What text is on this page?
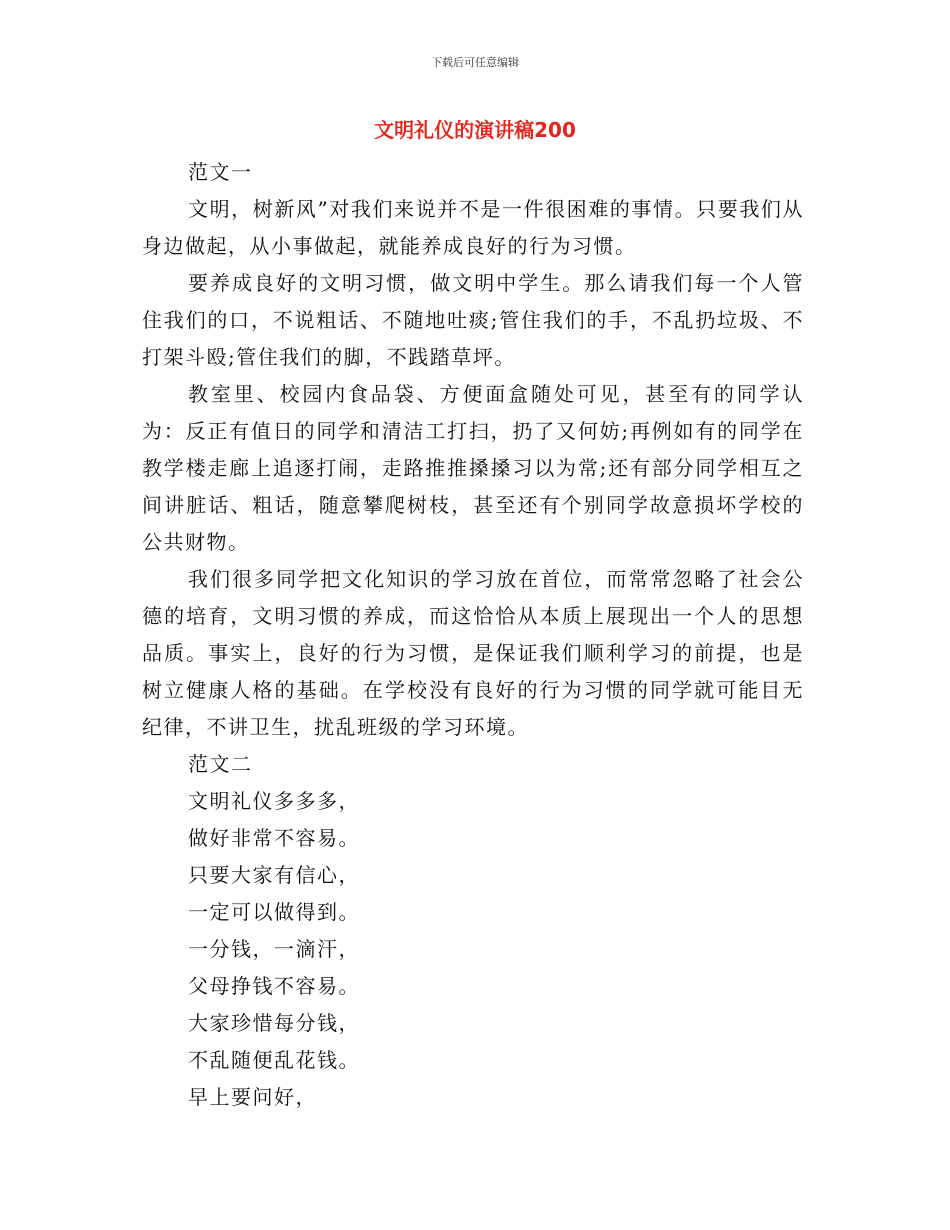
下载后可任意编辑
文明礼仪的演讲稿200

范文一

文明，树新风”对我们来说并不是一件很困难的事情。只要我们从身边做起，从小事做起，就能养成良好的行为习惯。

要养成良好的文明习惯，做文明中学生。那么请我们每一个人管住我们的口，不说粗话、不随地吐痰;管住我们的手，不乱扔垃圾、不打架斗殴;管住我们的脚，不践踏草坪。

教室里、校园内食品袋、方便面盒随处可见，甚至有的同学认为：反正有值日的同学和清洁工打扫，扔了又何妨;再例如有的同学在教学楼走廊上追逐打闹，走路推推搡搡习以为常;还有部分同学相互之间讲脏话、粗话，随意攀爬树枝，甚至还有个别同学故意损坏学校的公共财物。

我们很多同学把文化知识的学习放在首位，而常常忽略了社会公德的培育，文明习惯的养成，而这恰恰从本质上展现出一个人的思想品质。事实上，良好的行为习惯，是保证我们顺利学习的前提，也是树立健康人格的基础。在学校没有良好的行为习惯的同学就可能目无纪律，不讲卫生，扰乱班级的学习环境。

范文二

文明礼仪多多多，

做好非常不容易。

只要大家有信心，

一定可以做得到。

一分钱，一滴汗，

父母挣钱不容易。

大家珍惜每分钱，

不乱随便乱花钱。

早上要问好，
